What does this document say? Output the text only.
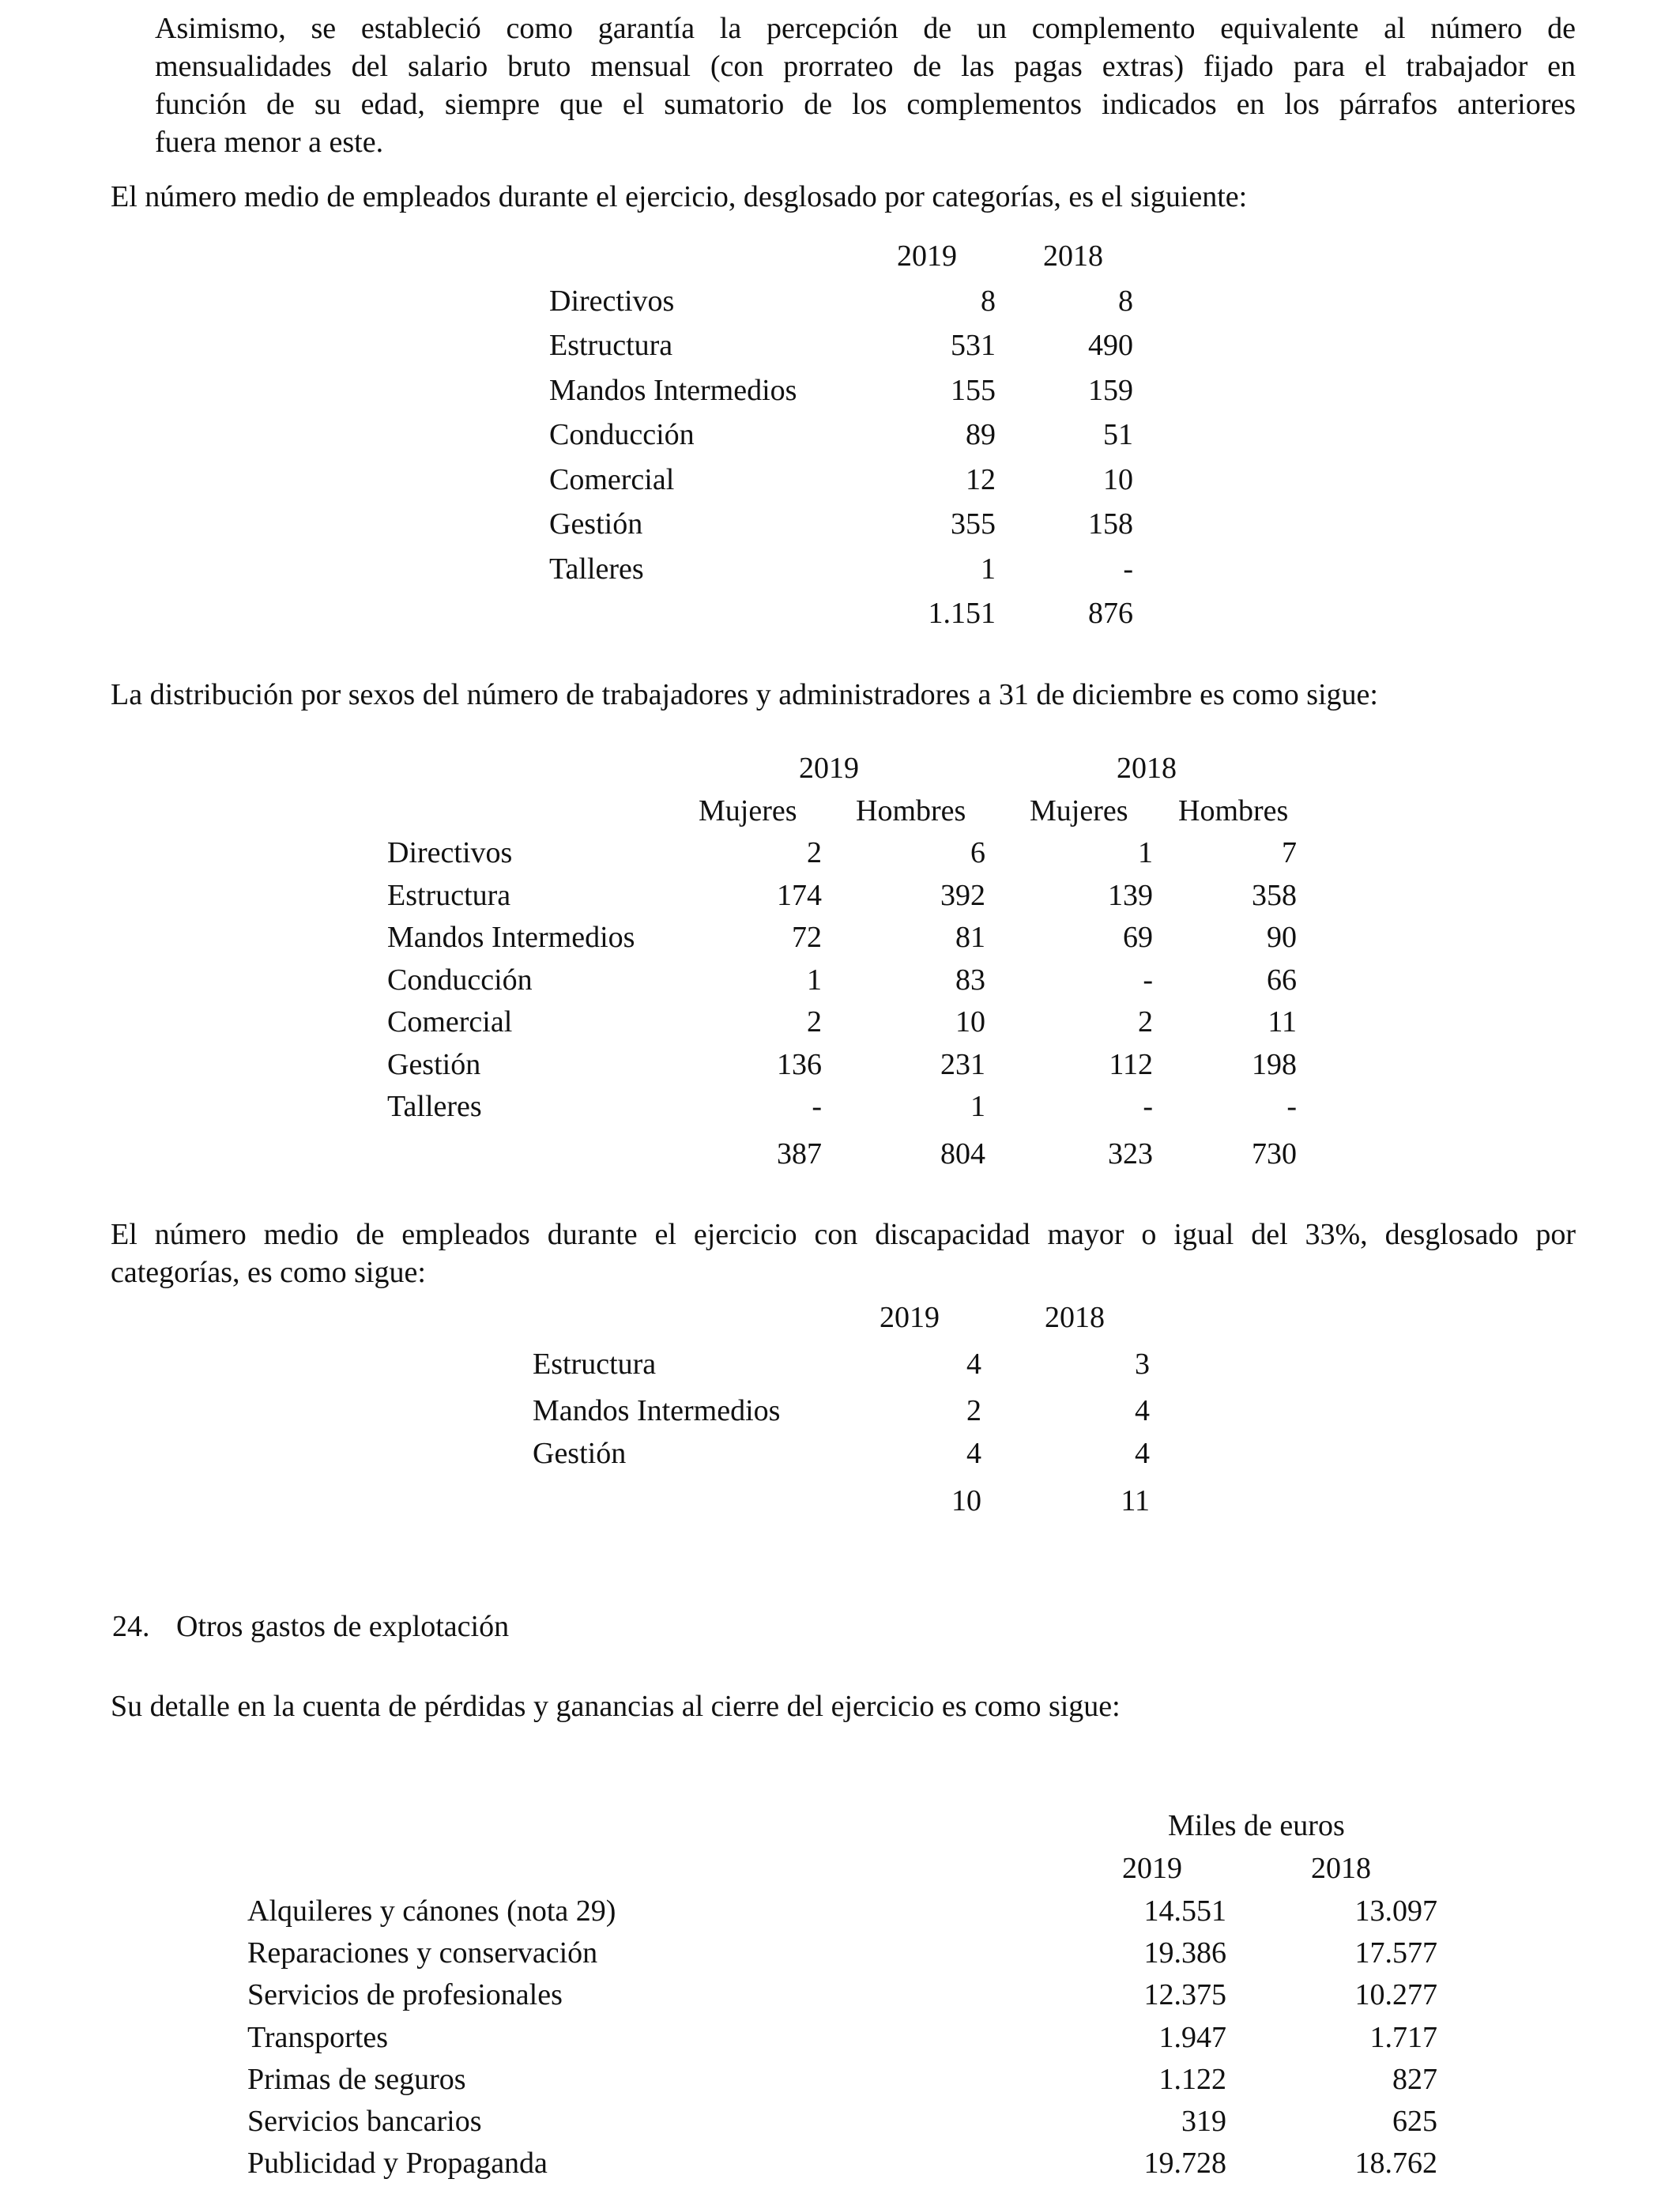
Asimismo, se estableció como garantía la percepción de un complemento equivalente al número de
mensualidades del salario bruto mensual (con prorrateo de las pagas extras) fijado para el trabajador en
función de su edad, siempre que el sumatorio de los complementos indicados en los párrafos anteriores
fuera menor a este.
El número medio de empleados durante el ejercicio, desglosado por categorías, es el siguiente:
2019	2018
Directivos	8	8
Estructura	531	490
Mandos Intermedios	155	159
Conducción	89	51
Comercial	12	10
Gestión	355	158
Talleres	1	-
1.151	876
La distribución por sexos del número de trabajadores y administradores a 31 de diciembre es como sigue:
2019	2018
Mujeres Hombres Mujeres Hombres
Directivos	2	6	1	7
Estructura	174	392	139	358
Mandos Intermedios	72	81	69	90
Conducción	1	83	-	66
Comercial	2	10	2	11
Gestión	136	231	112	198
Talleres	-	1	-	-
387	804	323	730
El número medio de empleados durante el ejercicio con discapacidad mayor o igual del 33%, desglosado por
categorías, es como sigue:
2019	2018
Estructura	4	3
Mandos Intermedios	2	4
Gestión	4	4
10	11
24. Otros gastos de explotación
Su detalle en la cuenta de pérdidas y ganancias al cierre del ejercicio es como sigue:
Miles de euros
2019	2018
Alquileres y cánones (nota 29)	14.551	13.097
Reparaciones y conservación	19.386	17.577
Servicios de profesionales	12.375	10.277
Transportes	1.947	1.717
Primas de seguros	1.122	827
Servicios bancarios	319	625
Publicidad y Propaganda	19.728	18.762
